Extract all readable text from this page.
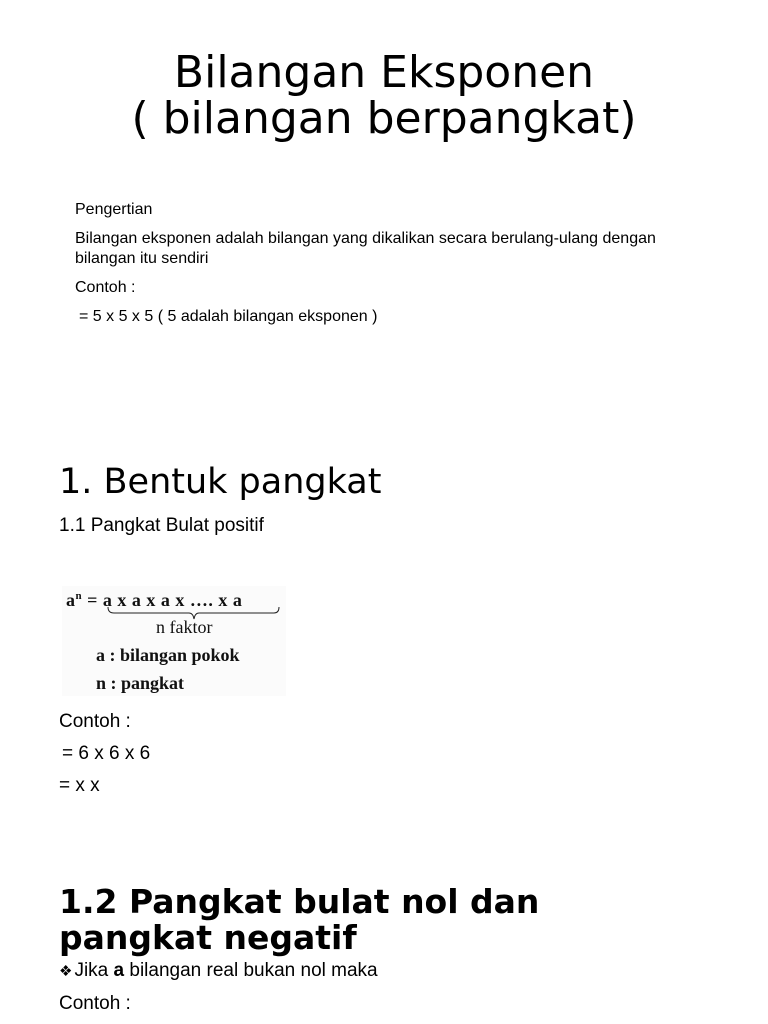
Bilangan Eksponen
( bilangan berpangkat)

Pengertian

Bilangan eksponen adalah bilangan yang dikalikan secara berulang-ulang dengan bilangan itu sendiri

Contoh :

= 5 x 5 x 5 ( 5 adalah bilangan eksponen )

1. Bentuk pangkat
1.1 Pangkat Bulat positif
$a^n = a$ x a x a x …. x a
n faktor
a : bilangan pokok
n : pangkat
Contoh :
= 6 x 6 x 6
= x x
1.2 Pangkat bulat nol dan
pangkat negatif
❖ Jika a bilangan real bukan nol maka
Contoh :
